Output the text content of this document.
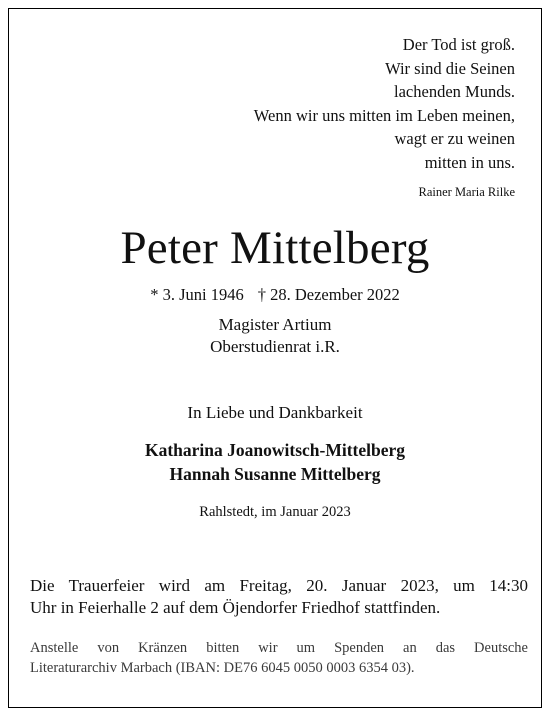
Der Tod ist groß.
Wir sind die Seinen
lachenden Munds.
Wenn wir uns mitten im Leben meinen,
wagt er zu weinen
mitten in uns.
Rainer Maria Rilke
Peter Mittelberg
* 3. Juni 1946 † 28. Dezember 2022
Magister Artium
Oberstudienrat i.R.
In Liebe und Dankbarkeit
Katharina Joanowitsch-Mittelberg
Hannah Susanne Mittelberg
Rahlstedt, im Januar 2023
Die Trauerfeier wird am Freitag, 20. Januar 2023, um 14:30
Uhr in Feierhalle 2 auf dem Öjendorfer Friedhof stattfinden.
Anstelle von Kränzen bitten wir um Spenden an das Deutsche
Literaturarchiv Marbach (IBAN: DE76 6045 0050 0003 6354 03).
